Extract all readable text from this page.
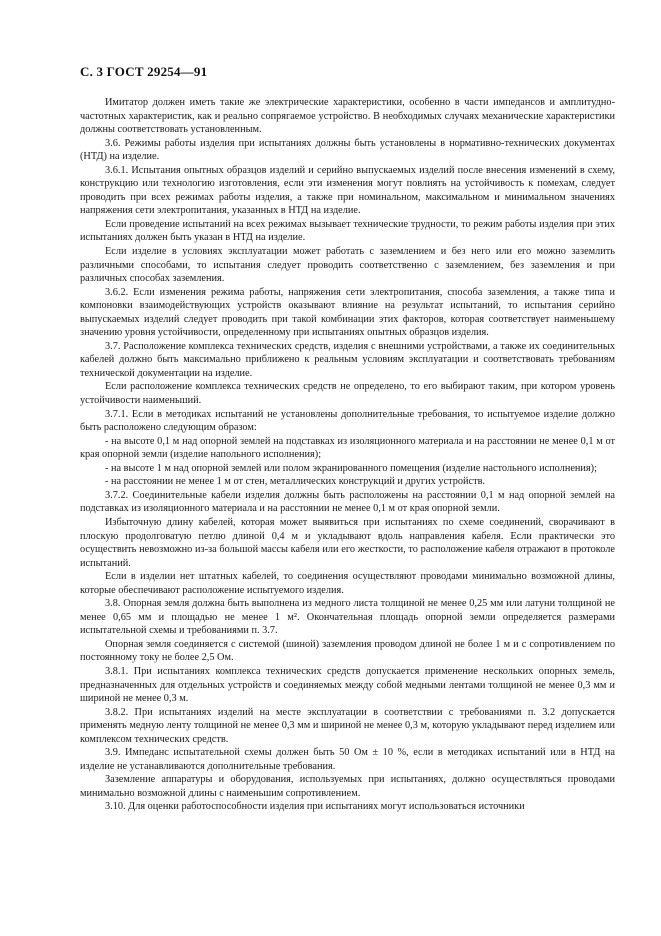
С. 3 ГОСТ 29254—91

Имитатор должен иметь такие же электрические характеристики, особенно в части импедансов и амплитудно-частотных характеристик, как и реально сопрягаемое устройство. В необходимых случаях механические характеристики должны соответствовать установленным.

3.6. Режимы работы изделия при испытаниях должны быть установлены в нормативно-технических документах (НТД) на изделие.

3.6.1. Испытания опытных образцов изделий и серийно выпускаемых изделий после внесения изменений в схему, конструкцию или технологию изготовления, если эти изменения могут повлиять на устойчивость к помехам, следует проводить при всех режимах работы изделия, а также при номинальном, максимальном и минимальном значениях напряжения сети электропитания, указанных в НТД на изделие.

Если проведение испытаний на всех режимах вызывает технические трудности, то режим работы изделия при этих испытаниях должен быть указан в НТД на изделие.

Если изделие в условиях эксплуатации может работать с заземлением и без него или его можно заземлить различными способами, то испытания следует проводить соответственно с заземлением, без заземления и при различных способах заземления.

3.6.2. Если изменения режима работы, напряжения сети электропитания, способа заземления, а также типа и компоновки взаимодействующих устройств оказывают влияние на результат испытаний, то испытания серийно выпускаемых изделий следует проводить при такой комбинации этих факторов, которая соответствует наименьшему значению уровня устойчивости, определенному при испытаниях опытных образцов изделия.

3.7. Расположение комплекса технических средств, изделия с внешними устройствами, а также их соединительных кабелей должно быть максимально приближено к реальным условиям эксплуатации и соответствовать требованиям технической документации на изделие.

Если расположение комплекса технических средств не определено, то его выбирают таким, при котором уровень устойчивости наименьший.

3.7.1. Если в методиках испытаний не установлены дополнительные требования, то испытуемое изделие должно быть расположено следующим образом:

- на высоте 0,1 м над опорной землей на подставках из изоляционного материала и на расстоянии не менее 0,1 м от края опорной земли (изделие напольного исполнения);

- на высоте 1 м над опорной землей или полом экранированного помещения (изделие настольного исполнения);

- на расстоянии не менее 1 м от стен, металлических конструкций и других устройств.

3.7.2. Соединительные кабели изделия должны быть расположены на расстоянии 0,1 м над опорной землей на подставках из изоляционного материала и на расстоянии не менее 0,1 м от края опорной земли.

Избыточную длину кабелей, которая может выявиться при испытаниях по схеме соединений, сворачивают в плоскую продолговатую петлю длиной 0,4 м и укладывают вдоль направления кабеля. Если практически это осуществить невозможно из-за большой массы кабеля или его жесткости, то расположение кабеля отражают в протоколе испытаний.

Если в изделии нет штатных кабелей, то соединения осуществляют проводами минимально возможной длины, которые обеспечивают расположение испытуемого изделия.

3.8. Опорная земля должна быть выполнена из медного листа толщиной не менее 0,25 мм или латуни толщиной не менее 0,65 мм и площадью не менее 1 м². Окончательная площадь опорной земли определяется размерами испытательной схемы и требованиями п. 3.7.

Опорная земля соединяется с системой (шиной) заземления проводом длиной не более 1 м и с сопротивлением по постоянному току не более 2,5 Ом.

3.8.1. При испытаниях комплекса технических средств допускается применение нескольких опорных земель, предназначенных для отдельных устройств и соединяемых между собой медными лентами толщиной не менее 0,3 мм и шириной не менее 0,3 м.

3.8.2. При испытаниях изделий на месте эксплуатации в соответствии с требованиями п. 3.2 допускается применять медную ленту толщиной не менее 0,3 мм и шириной не менее 0,3 м, которую укладывают перед изделием или комплексом технических средств.

3.9. Импеданс испытательной схемы должен быть 50 Ом ± 10 %, если в методиках испытаний или в НТД на изделие не устанавливаются дополнительные требования.

Заземление аппаратуры и оборудования, используемых при испытаниях, должно осуществляться проводами минимально возможной длины с наименьшим сопротивлением.

3.10. Для оценки работоспособности изделия при испытаниях могут использоваться источники
